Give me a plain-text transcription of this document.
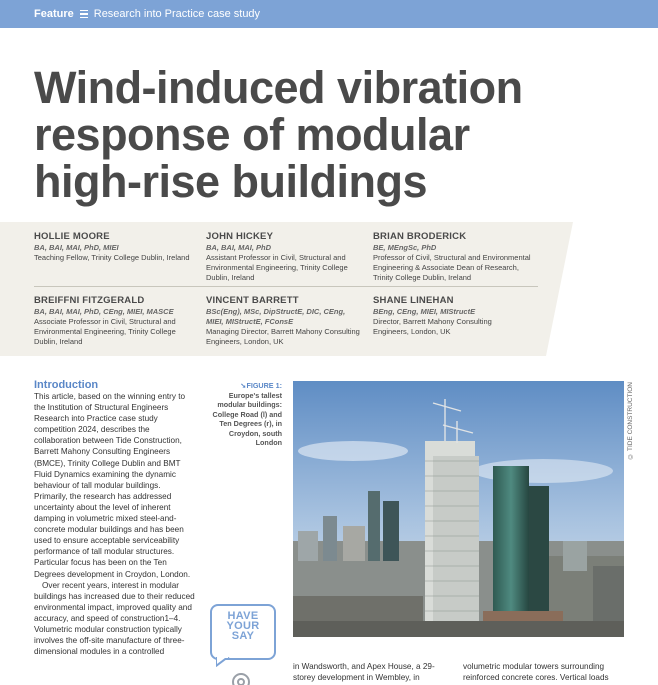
Feature Research into Practice case study
Wind-induced vibration
response of modular
high-rise buildings
HOLLIE MOORE
BA, BAI, MAI, PhD, MIEI
Teaching Fellow, Trinity College Dublin, Ireland
JOHN HICKEY
BA, BAI, MAI, PhD
Assistant Professor in Civil, Structural and Environmental Engineering, Trinity College Dublin, Ireland
BRIAN BRODERICK
BE, MEngSc, PhD
Professor of Civil, Structural and Environmental Engineering & Associate Dean of Research, Trinity College Dublin, Ireland
BREIFFNI FITZGERALD
BA, BAI, MAI, PhD, CEng, MIEI, MASCE
Associate Professor in Civil, Structural and Environmental Engineering, Trinity College Dublin, Ireland
VINCENT BARRETT
BSc(Eng), MSc, DipStructE, DIC, CEng, MIEI, MIStructE, FConsE
Managing Director, Barrett Mahony Consulting Engineers, London, UK
SHANE LINEHAN
BEng, CEng, MIEI, MIStructE
Director, Barrett Mahony Consulting Engineers, London, UK
Introduction

This article, based on the winning entry to the Institution of Structural Engineers Research into Practice case study competition 2024, describes the collaboration between Tide Construction, Barrett Mahony Consulting Engineers (BMCE), Trinity College Dublin and BMT Fluid Dynamics examining the dynamic behaviour of tall modular buildings. Primarily, the research has addressed uncertainty about the level of inherent damping in volumetric mixed steel-and-concrete modular buildings and has been used to ensure acceptable serviceability performance of tall modular structures. Particular focus has been on the Ten Degrees development in Croydon, London.

Over recent years, interest in modular buildings has increased due to their reduced environmental impact, improved quality and accuracy, and speed of construction1–4. Volumetric modular construction typically involves the off-site manufacture of three-dimensional modules in a controlled

➘FIGURE 1:
Europe's tallest modular buildings: College Road (l) and Ten Degrees (r), in Croydon, south London	© TIDE CONSTRUCTION
HAVE
YOUR
SAY
in Wandsworth, and Apex House, a 29-storey development in Wembley, in
volumetric modular towers surrounding reinforced concrete cores. Vertical loads
